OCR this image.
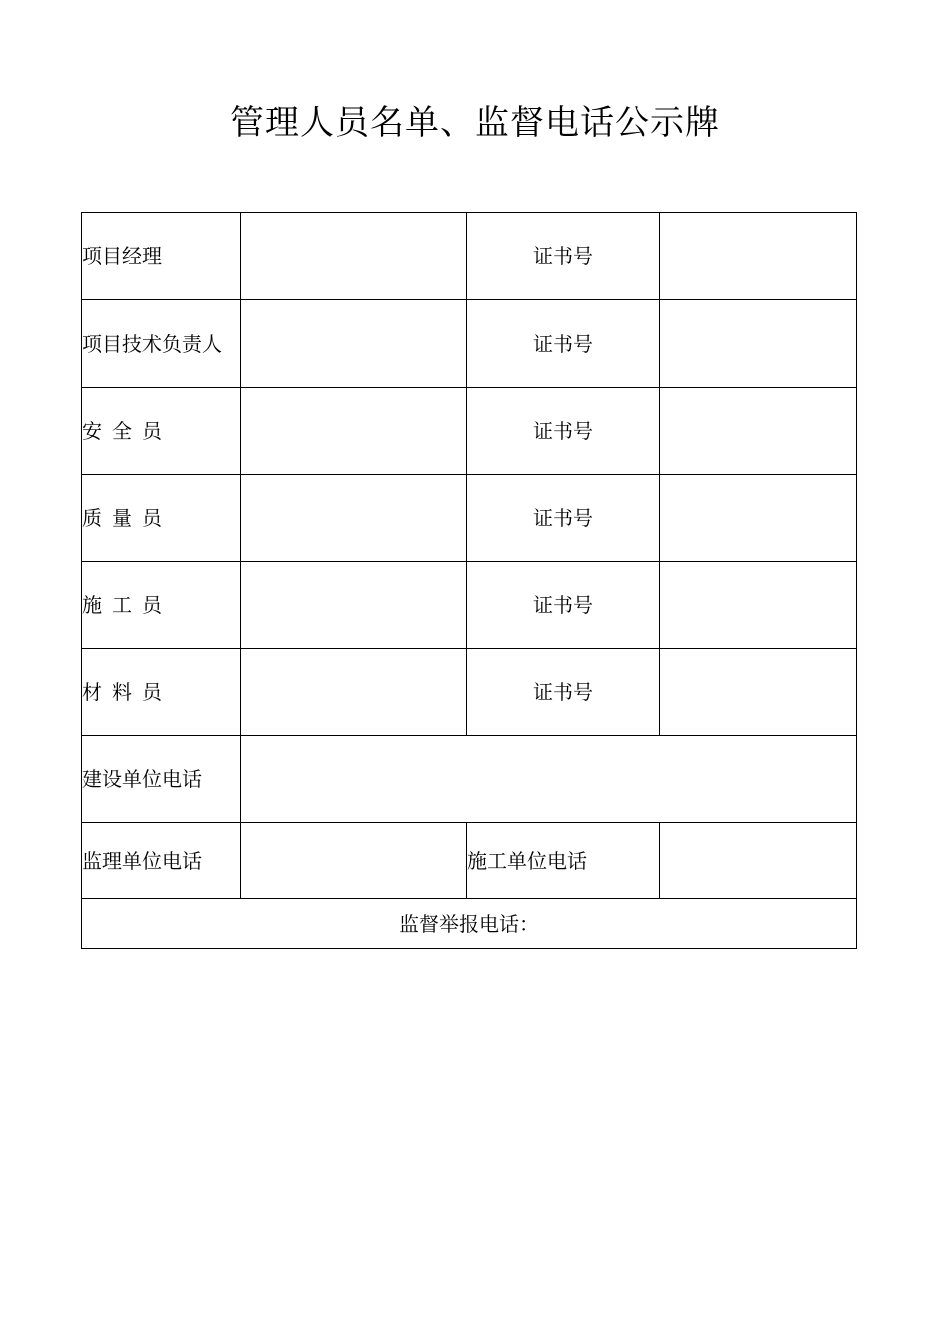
管理人员名单、监督电话公示牌
项目经理		证书号	
项目技术负责人		证书号	
安全员		证书号	
质量员		证书号	
施工员		证书号	
材料员		证书号	
建设单位电话			
监理单位电话		施工单位电话	
监督举报电话：			
